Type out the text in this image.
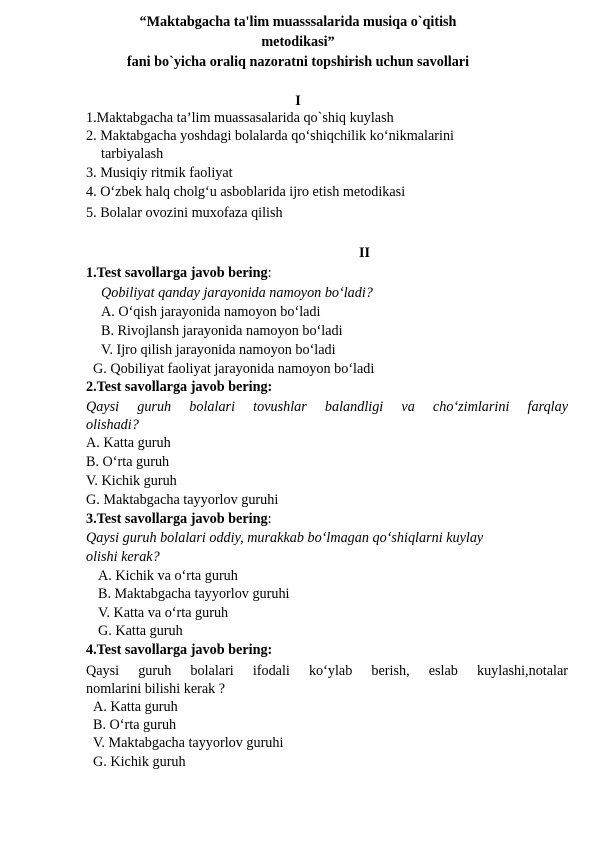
“Maktabgacha ta'lim muasssalarida musiqa o`qitish
metodikasi”
fani bo`yicha oraliq nazoratni topshirish uchun savollari
I
1.Maktabgacha ta’lim muassasalarida qo`shiq kuylash
2. Maktabgacha yoshdagi bolalarda qo‘shiqchilik ko‘nikmalarini
tarbiyalash
3. Musiqiy ritmik faoliyat
4. O‘zbek halq cholg‘u asboblarida ijro etish metodikasi
5. Bolalar ovozini muxofaza qilish
II
1.Test savollarga javob bering:
Qobiliyat qanday jarayonida namoyon bo‘ladi?
A. O‘qish jarayonida namoyon bo‘ladi
B. Rivojlansh jarayonida namoyon bo‘ladi
V. Ijro qilish jarayonida namoyon bo‘ladi
G. Qobiliyat faoliyat jarayonida namoyon bo‘ladi
2.Test savollarga javob bering:
Qaysi guruh bolalari tovushlar balandligi va cho‘zimlarini farqlay
olishadi?
A. Katta guruh
B. O‘rta guruh
V. Kichik guruh
G. Maktabgacha tayyorlov guruhi
3.Test savollarga javob bering:
Qaysi guruh bolalari oddiy, murakkab bo‘lmagan qo‘shiqlarni kuylay
olishi kerak?
A. Kichik va o‘rta guruh
B. Maktabgacha tayyorlov guruhi
V. Katta va o‘rta guruh
G. Katta guruh
4.Test savollarga javob bering:
Qaysi guruh bolalari ifodali ko‘ylab berish, eslab kuylashi,notalar
nomlarini bilishi kerak ?
A. Katta guruh
B. O‘rta guruh
V. Maktabgacha tayyorlov guruhi
G. Kichik guruh
